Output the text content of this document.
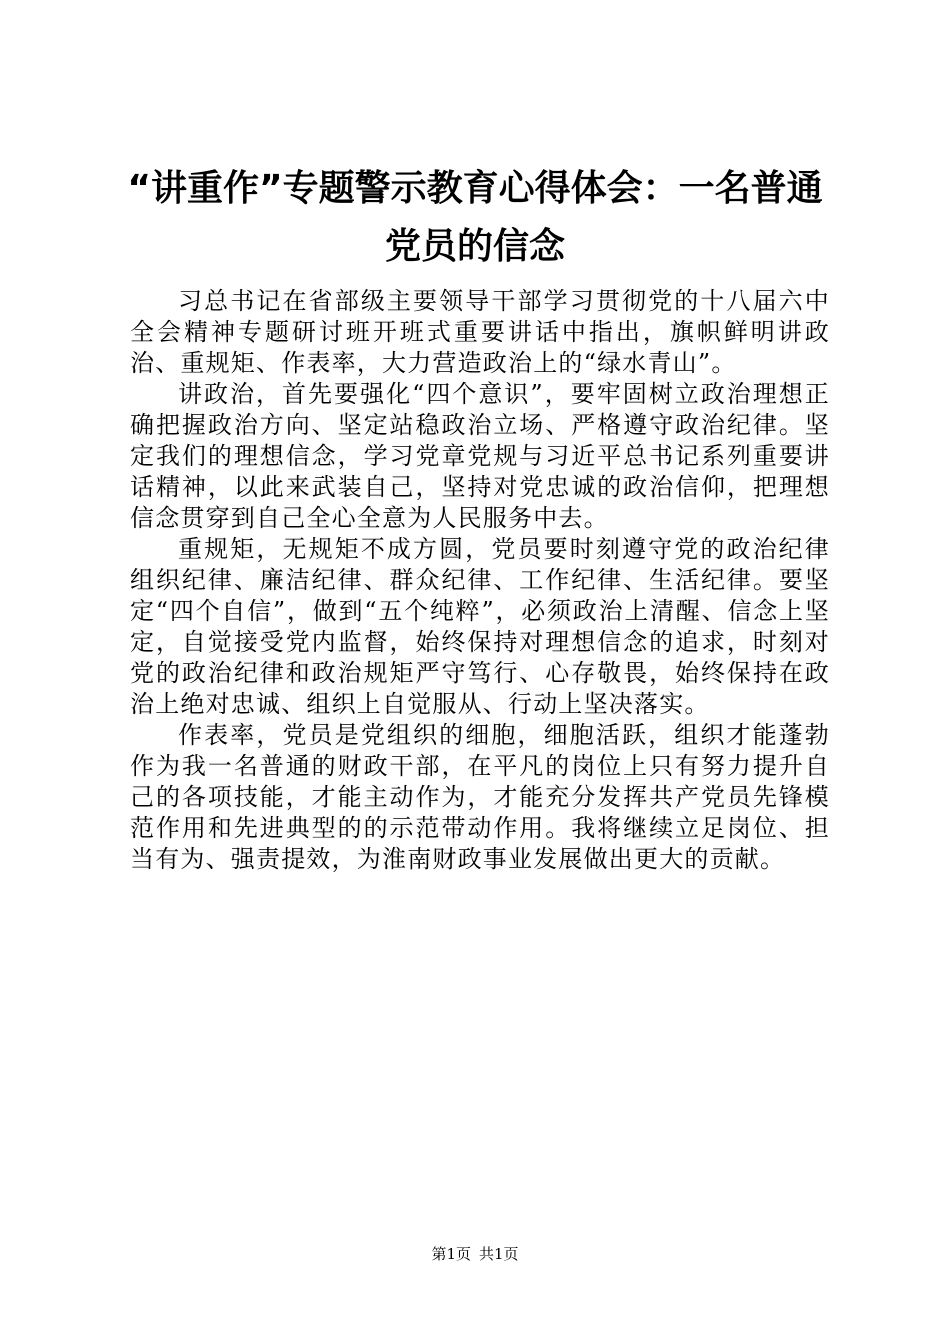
“讲重作”专题警示教育心得体会：一名普通
党员的信念

习总书记在省部级主要领导干部学习贯彻党的十八届六中全会精神专题研讨班开班式重要讲话中指出，旗帜鲜明讲政治、重规矩、作表率，大力营造政治上的“绿水青山”。

讲政治，首先要强化“四个意识”，要牢固树立政治理想正确把握政治方向、坚定站稳政治立场、严格遵守政治纪律。坚定我们的理想信念，学习党章党规与习近平总书记系列重要讲话精神，以此来武装自己，坚持对党忠诚的政治信仰，把理想信念贯穿到自己全心全意为人民服务中去。

重规矩，无规矩不成方圆，党员要时刻遵守党的政治纪律组织纪律、廉洁纪律、群众纪律、工作纪律、生活纪律。要坚定“四个自信”，做到“五个纯粹”，必须政治上清醒、信念上坚定，自觉接受党内监督，始终保持对理想信念的追求，时刻对党的政治纪律和政治规矩严守笃行、心存敬畏，始终保持在政治上绝对忠诚、组织上自觉服从、行动上坚决落实。

作表率，党员是党组织的细胞，细胞活跃，组织才能蓬勃作为我一名普通的财政干部，在平凡的岗位上只有努力提升自己的各项技能，才能主动作为，才能充分发挥共产党员先锋模范作用和先进典型的的示范带动作用。我将继续立足岗位、担当有为、强责提效，为淮南财政事业发展做出更大的贡献。

第1页 共1页
